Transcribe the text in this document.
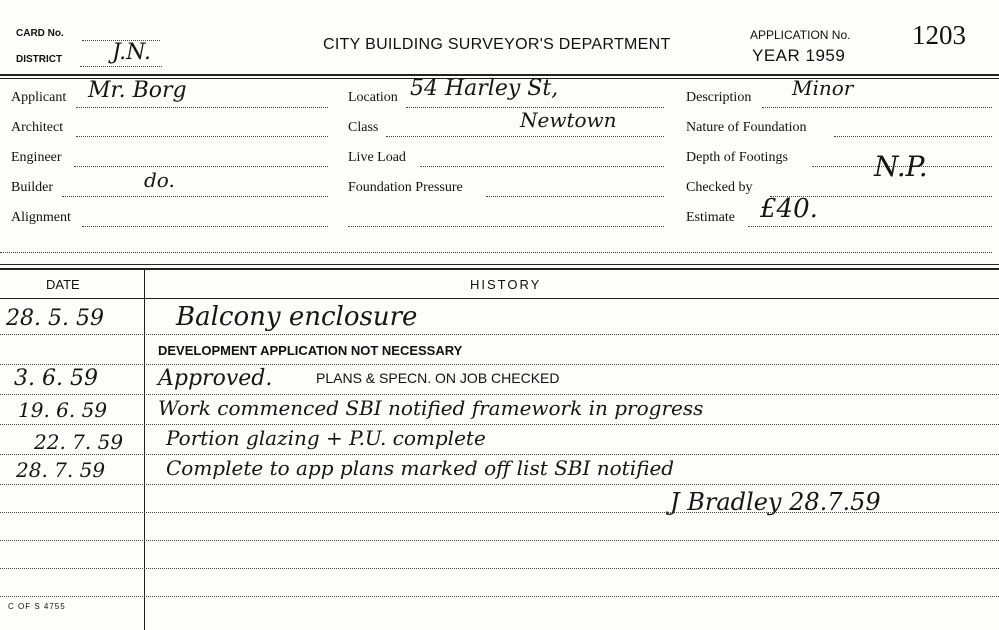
CARD No.
DISTRICT J.N.	CITY BUILDING SURVEYOR'S DEPARTMENT
APPLICATION No. 1203
YEAR 1959
Applicant Mr. Borg
Architect
Engineer
Builder	do.
Alignment
Location 54 Harley St,
Class	Newtown
Live Load
Foundation Pressure
Description Minor
Nature of Foundation
Depth of Footings
Checked by
N.P.
Estimate £40.
DATE	HISTORY
28. 5. 59	Balcony enclosure
DEVELOPMENT APPLICATION NOT NECESSARY
3. 6. 59	Approved.	PLANS & SPECN. ON JOB CHECKED
19. 6. 59	Work commenced SBI notified framework in progress
22. 7. 59 Portion glazing + P.U. complete
28. 7. 59	Complete to app plans marked off list SBI notified
J Bradley 28.7.59
C OF S 4755
